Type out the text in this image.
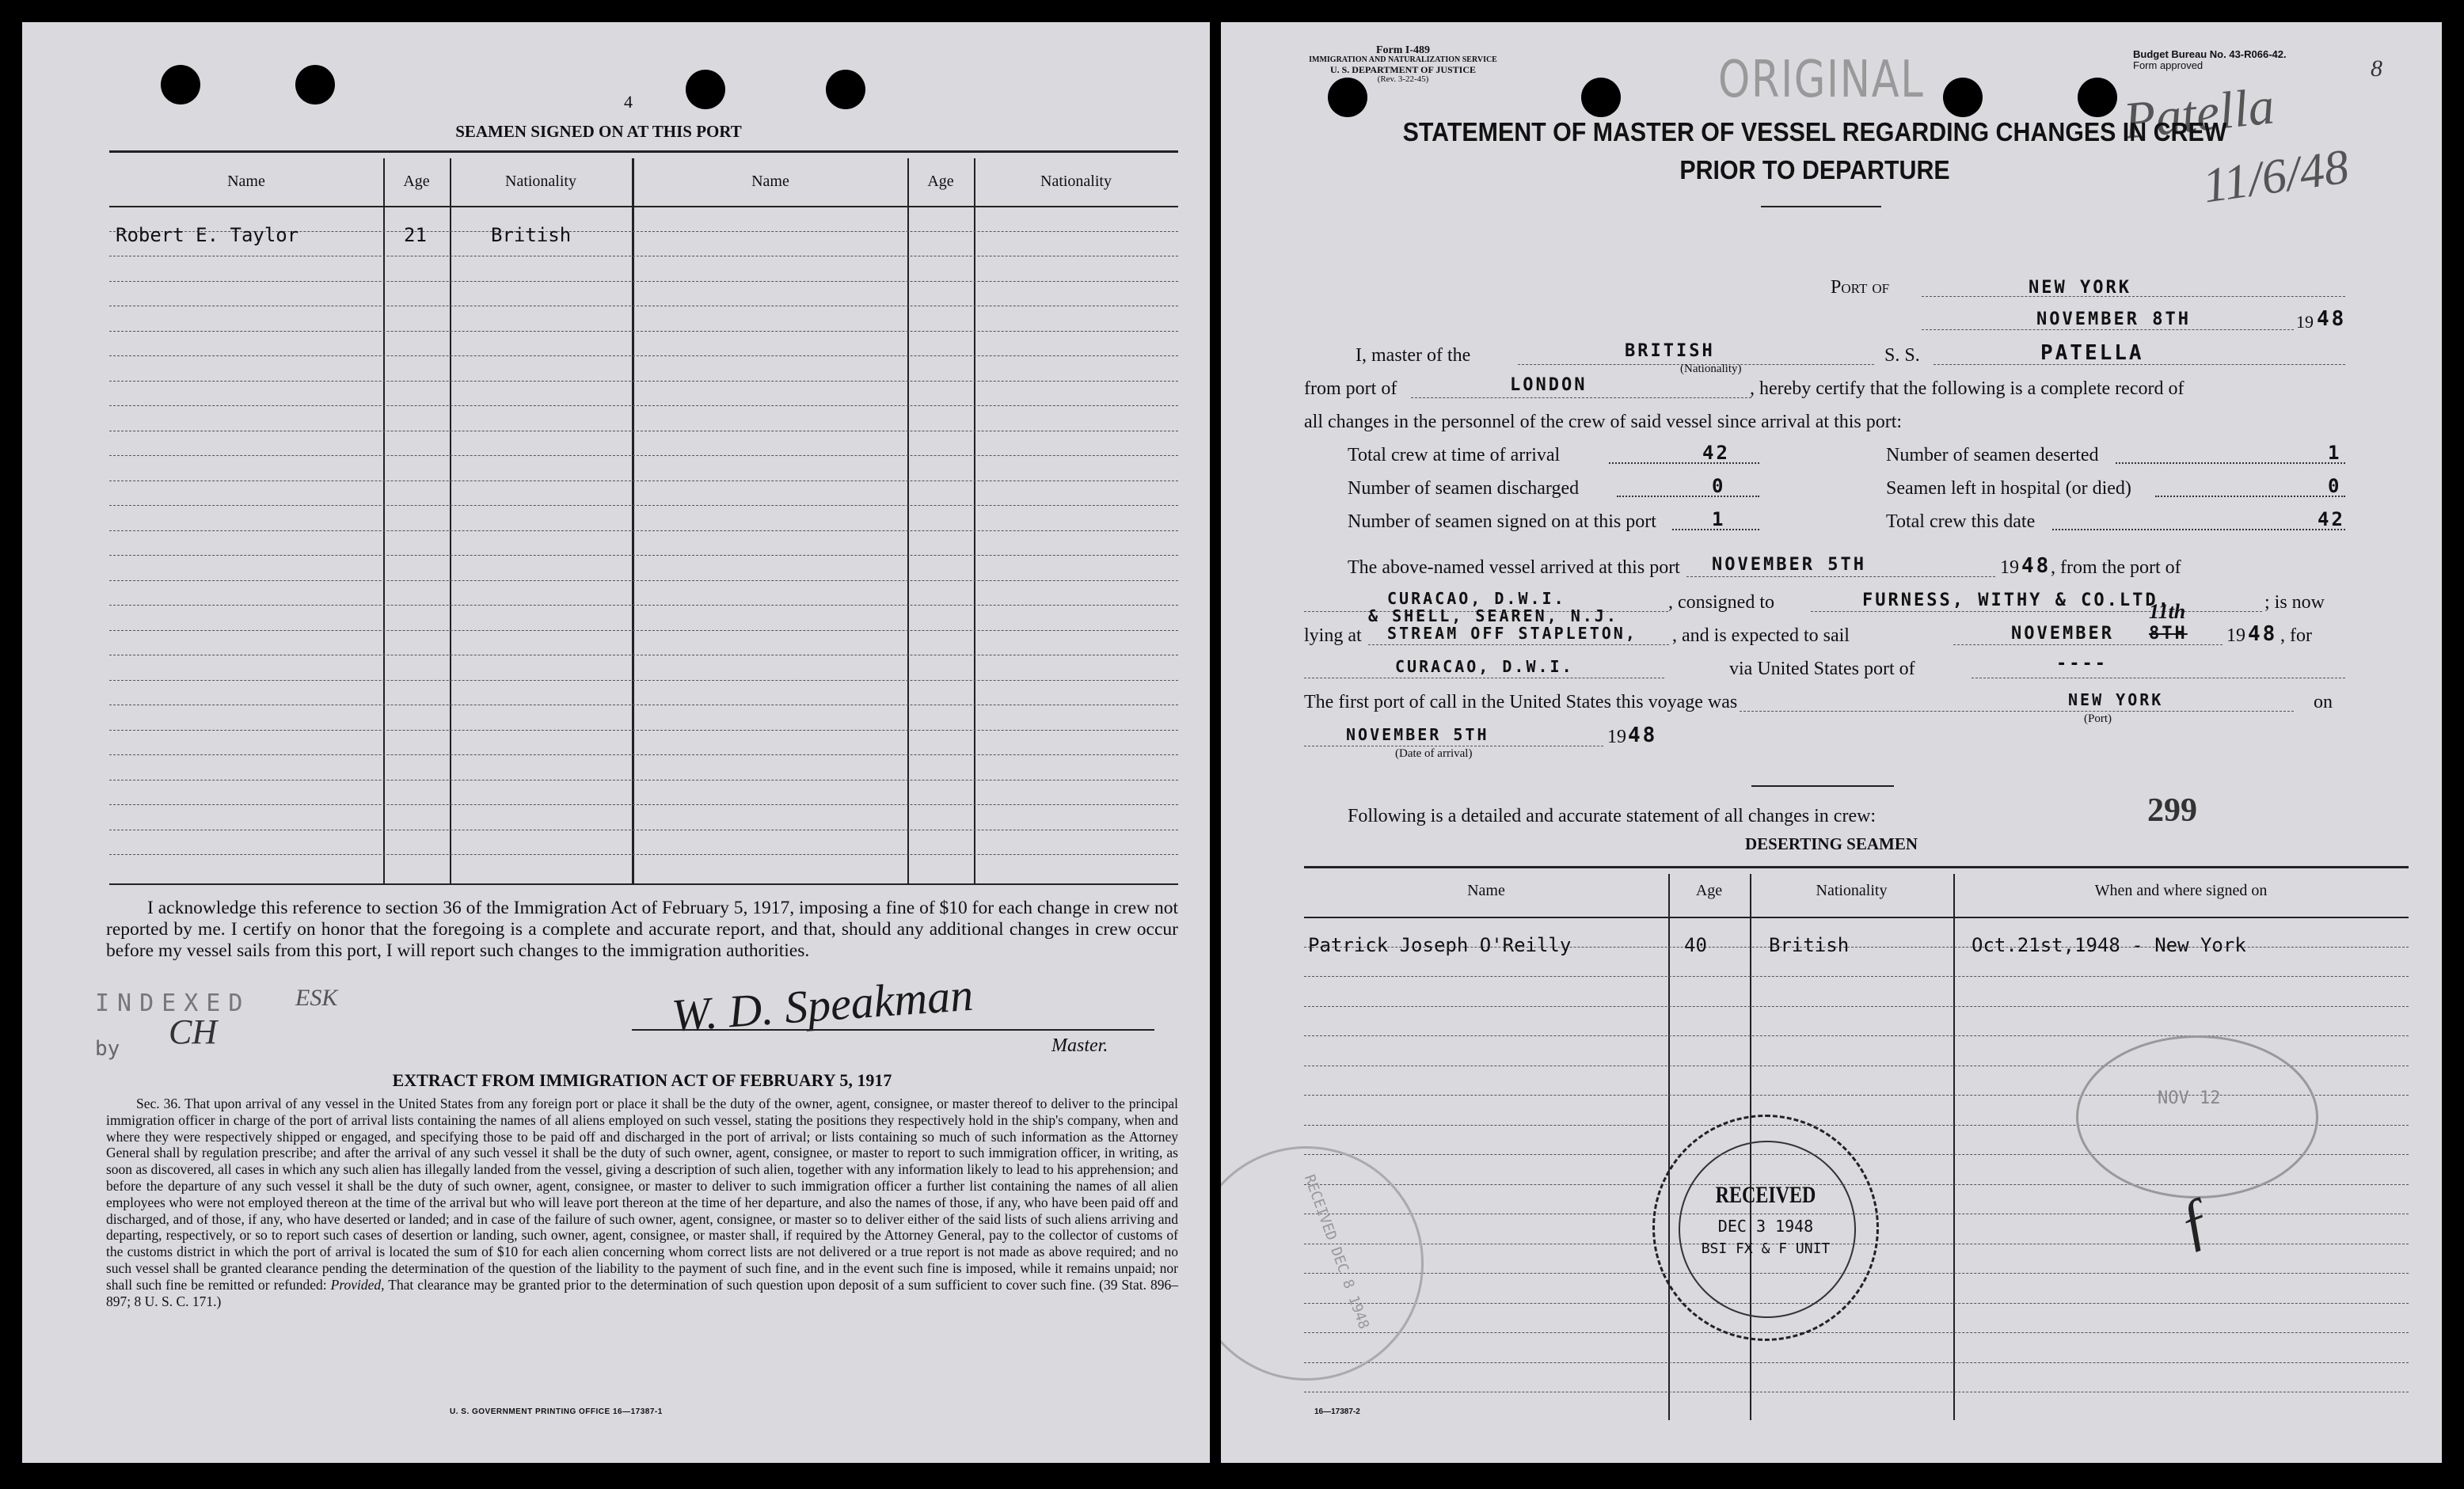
4
SEAMEN SIGNED ON AT THIS PORT
Name	Age	Nationality	Name	Age	Nationality
Robert E. Taylor	21	British
I acknowledge this reference to section 36 of the Immigration Act of February 5, 1917, imposing a fine of $10 for each change in crew not reported by me. I certify on honor that the foregoing is a complete and accurate report, and that, should any additional changes in crew occur before my vessel sails from this port, I will report such changes to the immigration authorities.
INDEXED ESK
by CH	W. D. Speakman
Master.
EXTRACT FROM IMMIGRATION ACT OF FEBRUARY 5, 1917
Sec. 36. That upon arrival of any vessel in the United States from any foreign port or place it shall be the duty of the owner, agent, consignee, or master thereof to deliver to the principal immigration officer in charge of the port of arrival lists containing the names of all aliens employed on such vessel, stating the positions they respectively hold in the ship's company, when and where they were respectively shipped or engaged, and specifying those to be paid off and discharged in the port of arrival; or lists containing so much of such information as the Attorney General shall by regulation prescribe; and after the arrival of any such vessel it shall be the duty of such owner, agent, consignee, or master to report to such immigration officer, in writing, as soon as discovered, all cases in which any such alien has illegally landed from the vessel, giving a description of such alien, together with any information likely to lead to his apprehension; and before the departure of any such vessel it shall be the duty of such owner, agent, consignee, or master to deliver to such immigration officer a further list containing the names of all alien employees who were not employed thereon at the time of the arrival but who will leave port thereon at the time of her departure, and also the names of those, if any, who have been paid off and discharged, and of those, if any, who have deserted or landed; and in case of the failure of such owner, agent, consignee, or master so to deliver either of the said lists of such aliens arriving and departing, respectively, or so to report such cases of desertion or landing, such owner, agent, consignee, or master shall, if required by the Attorney General, pay to the collector of customs of the customs district in which the port of arrival is located the sum of $10 for each alien concerning whom correct lists are not delivered or a true report is not made as above required; and no such vessel shall be granted clearance pending the determination of the question of the liability to the payment of such fine, and in the event such fine is imposed, while it remains unpaid; nor shall such fine be remitted or refunded: Provided, That clearance may be granted prior to the determination of such question upon deposit of a sum sufficient to cover such fine. (39 Stat. 896–897; 8 U. S. C. 171.)
U. S. GOVERNMENT PRINTING OFFICE 16—17387-1
Form I-489
IMMIGRATION AND NATURALIZATION SERVICE
U. S. DEPARTMENT OF JUSTICE
(Rev. 3-22-45)	ORIGINAL	Budget Bureau No. 43-R066-42.
Form approved	8
Patella
11/6/48
STATEMENT OF MASTER OF VESSEL REGARDING CHANGES IN CREW
PRIOR TO DEPARTURE
Port of	NEW YORK
NOVEMBER 8TH	19 48
I, master of the	BRITISH
(Nationality)
S. S.	PATELLA
from port of	LONDON	, hereby certify that the following is a complete record of
all changes in the personnel of the crew of said vessel since arrival at this port:
Total crew at time of arrival	42	Number of seamen deserted	1
Number of seamen discharged	0	Seamen left in hospital (or died)	0
Number of seamen signed on at this port	1	Total crew this date	42
The above-named vessel arrived at this port NOVEMBER 5TH	19 48 , from the port of
CURACAO, D.W.I.	, consigned to	FURNESS, WITHY & CO.LTD.	; is now
lying at
& SHELL, SEAREN, N.J.
STREAM OFF STAPLETON, , and is expected to sail	NOVEMBER 8TH
11th
19 48 , for
CURACAO, D.W.I.	via United States port of	----
The first port of call in the United States this voyage was	NEW YORK
(Port)
on
NOVEMBER 5TH
(Date of arrival)
19 48
Following is a detailed and accurate statement of all changes in crew:	299
DESERTING SEAMEN
Name	Age	Nationality	When and where signed on
Patrick Joseph O'Reilly	40	British	Oct.21st,1948 - New York
RECEIVED
DEC 3 1948
BSI FX & F UNIT
RECEIVED DEC 8 1948
NOV 12
ƒ
16—17387-2
